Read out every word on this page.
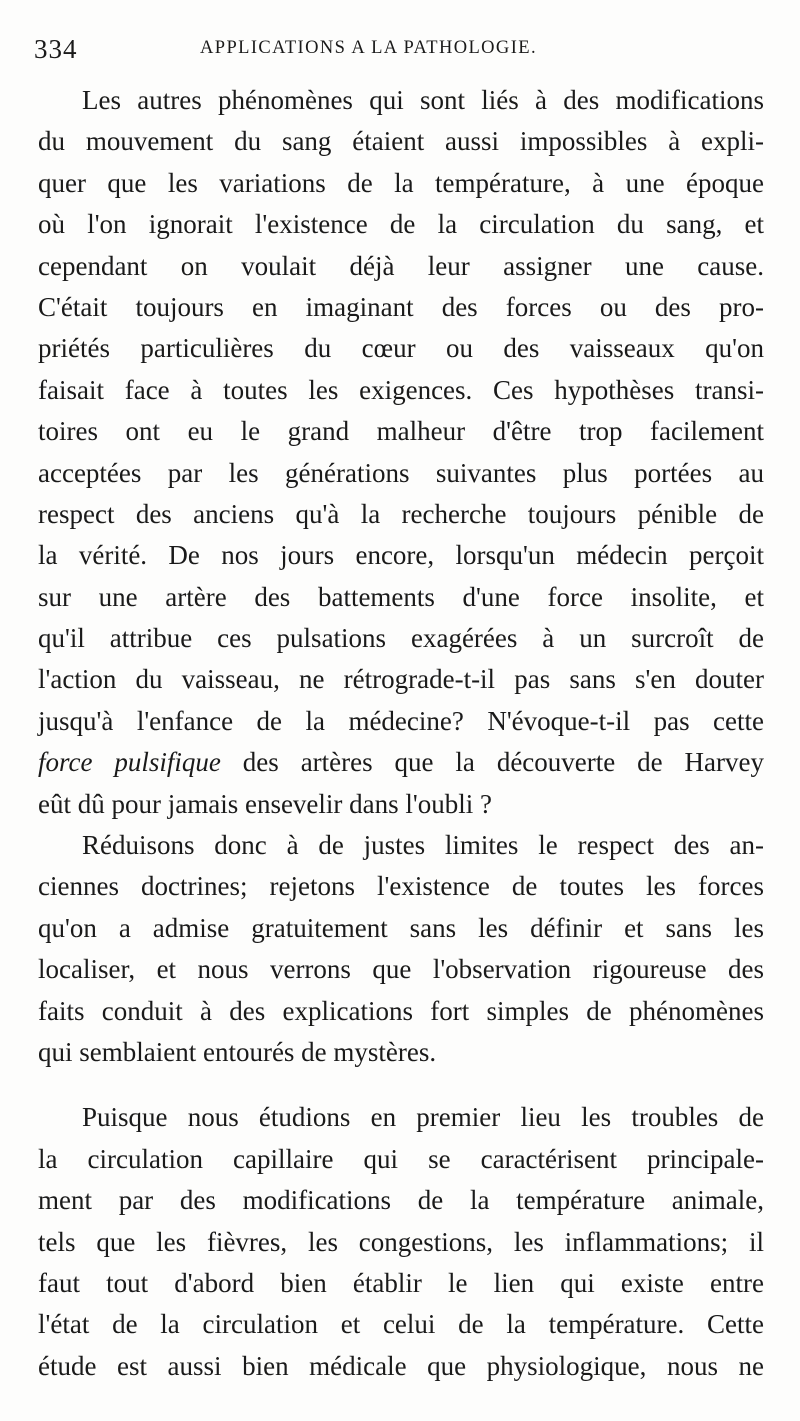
334	APPLICATIONS A LA PATHOLOGIE.
Les autres phénomènes qui sont liés à des modifications
du mouvement du sang étaient aussi impossibles à expli-
quer que les variations de la température, à une époque
où l'on ignorait l'existence de la circulation du sang, et
cependant on voulait déjà leur assigner une cause.
C'était toujours en imaginant des forces ou des pro-
priétés particulières du cœur ou des vaisseaux qu'on
faisait face à toutes les exigences. Ces hypothèses transi-
toires ont eu le grand malheur d'être trop facilement
acceptées par les générations suivantes plus portées au
respect des anciens qu'à la recherche toujours pénible de
la vérité. De nos jours encore, lorsqu'un médecin perçoit
sur une artère des battements d'une force insolite, et
qu'il attribue ces pulsations exagérées à un surcroît de
l'action du vaisseau, ne rétrograde-t-il pas sans s'en douter
jusqu'à l'enfance de la médecine? N'évoque-t-il pas cette
force pulsifique des artères que la découverte de Harvey
eût dû pour jamais ensevelir dans l'oubli ?
Réduisons donc à de justes limites le respect des an-
ciennes doctrines; rejetons l'existence de toutes les forces
qu'on a admise gratuitement sans les définir et sans les
localiser, et nous verrons que l'observation rigoureuse des
faits conduit à des explications fort simples de phénomènes
qui semblaient entourés de mystères.
Puisque nous étudions en premier lieu les troubles de
la circulation capillaire qui se caractérisent principale-
ment par des modifications de la température animale,
tels que les fièvres, les congestions, les inflammations; il
faut tout d'abord bien établir le lien qui existe entre
l'état de la circulation et celui de la température. Cette
étude est aussi bien médicale que physiologique, nous ne
